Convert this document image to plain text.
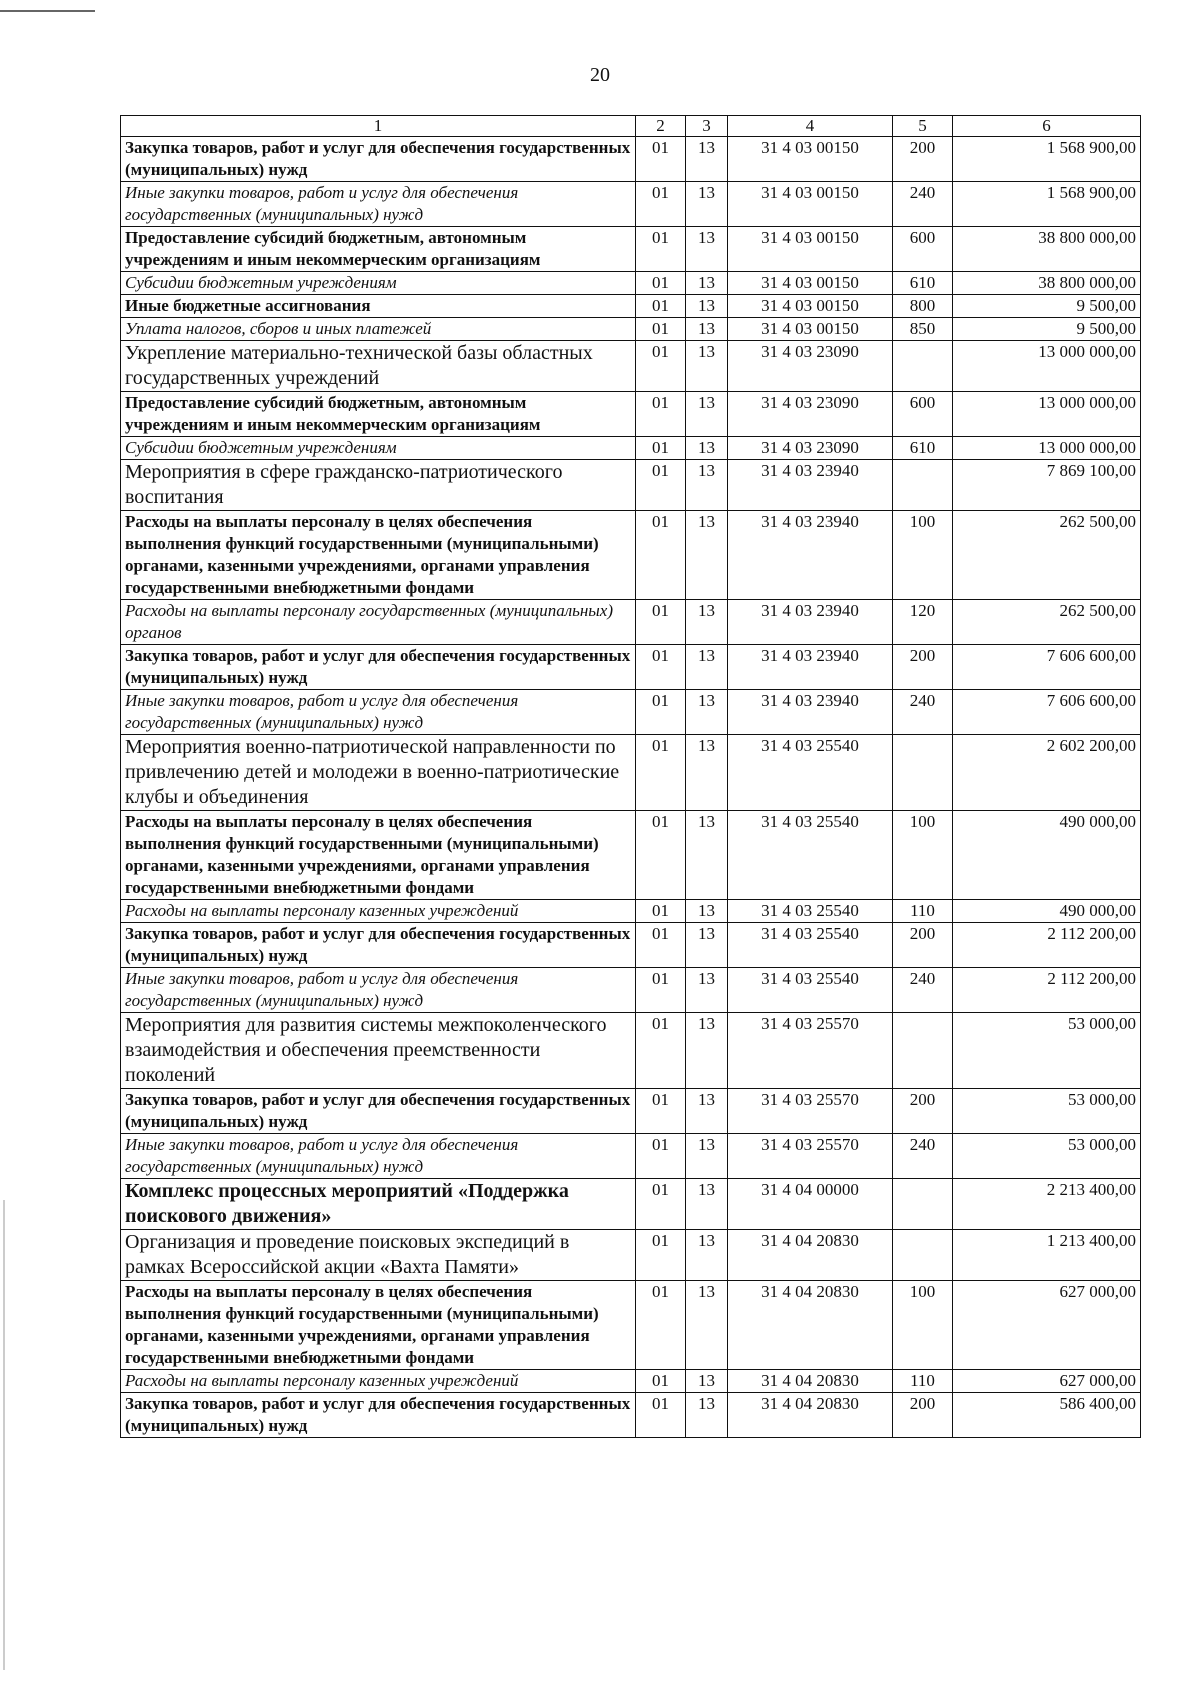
20
1	2	3	4	5	6
Закупка товаров, работ и услуг для обеспечения государственных (муниципальных) нужд	01	13	31 4 03 00150	200	1 568 900,00
Иные закупки товаров, работ и услуг для обеспечения государственных (муниципальных) нужд	01	13	31 4 03 00150	240	1 568 900,00
Предоставление субсидий бюджетным, автономным учреждениям и иным некоммерческим организациям	01	13	31 4 03 00150	600	38 800 000,00
Субсидии бюджетным учреждениям	01	13	31 4 03 00150	610	38 800 000,00
Иные бюджетные ассигнования	01	13	31 4 03 00150	800	9 500,00
Уплата налогов, сборов и иных платежей	01	13	31 4 03 00150	850	9 500,00
Укрепление материально-технической базы областных государственных учреждений	01	13	31 4 03 23090		13 000 000,00
Предоставление субсидий бюджетным, автономным учреждениям и иным некоммерческим организациям	01	13	31 4 03 23090	600	13 000 000,00
Субсидии бюджетным учреждениям	01	13	31 4 03 23090	610	13 000 000,00
Мероприятия в сфере гражданско-патриотического воспитания	01	13	31 4 03 23940		7 869 100,00
Расходы на выплаты персоналу в целях обеспечения выполнения функций государственными (муниципальными) органами, казенными учреждениями, органами управления государственными внебюджетными фондами	01	13	31 4 03 23940	100	262 500,00
Расходы на выплаты персоналу государственных (муниципальных) органов	01	13	31 4 03 23940	120	262 500,00
Закупка товаров, работ и услуг для обеспечения государственных (муниципальных) нужд	01	13	31 4 03 23940	200	7 606 600,00
Иные закупки товаров, работ и услуг для обеспечения государственных (муниципальных) нужд	01	13	31 4 03 23940	240	7 606 600,00
Мероприятия военно-патриотической направленности по привлечению детей и молодежи в военно-патриотические клубы и объединения	01	13	31 4 03 25540		2 602 200,00
Расходы на выплаты персоналу в целях обеспечения выполнения функций государственными (муниципальными) органами, казенными учреждениями, органами управления государственными внебюджетными фондами	01	13	31 4 03 25540	100	490 000,00
Расходы на выплаты персоналу казенных учреждений	01	13	31 4 03 25540	110	490 000,00
Закупка товаров, работ и услуг для обеспечения государственных (муниципальных) нужд	01	13	31 4 03 25540	200	2 112 200,00
Иные закупки товаров, работ и услуг для обеспечения государственных (муниципальных) нужд	01	13	31 4 03 25540	240	2 112 200,00
Мероприятия для развития системы межпоколенческого взаимодействия и обеспечения преемственности поколений	01	13	31 4 03 25570		53 000,00
Закупка товаров, работ и услуг для обеспечения государственных (муниципальных) нужд	01	13	31 4 03 25570	200	53 000,00
Иные закупки товаров, работ и услуг для обеспечения государственных (муниципальных) нужд	01	13	31 4 03 25570	240	53 000,00
Комплекс процессных мероприятий «Поддержка поискового движения»	01	13	31 4 04 00000		2 213 400,00
Организация и проведение поисковых экспедиций в рамках Всероссийской акции «Вахта Памяти»	01	13	31 4 04 20830		1 213 400,00
Расходы на выплаты персоналу в целях обеспечения выполнения функций государственными (муниципальными) органами, казенными учреждениями, органами управления государственными внебюджетными фондами	01	13	31 4 04 20830	100	627 000,00
Расходы на выплаты персоналу казенных учреждений	01	13	31 4 04 20830	110	627 000,00
Закупка товаров, работ и услуг для обеспечения государственных (муниципальных) нужд	01	13	31 4 04 20830	200	586 400,00
